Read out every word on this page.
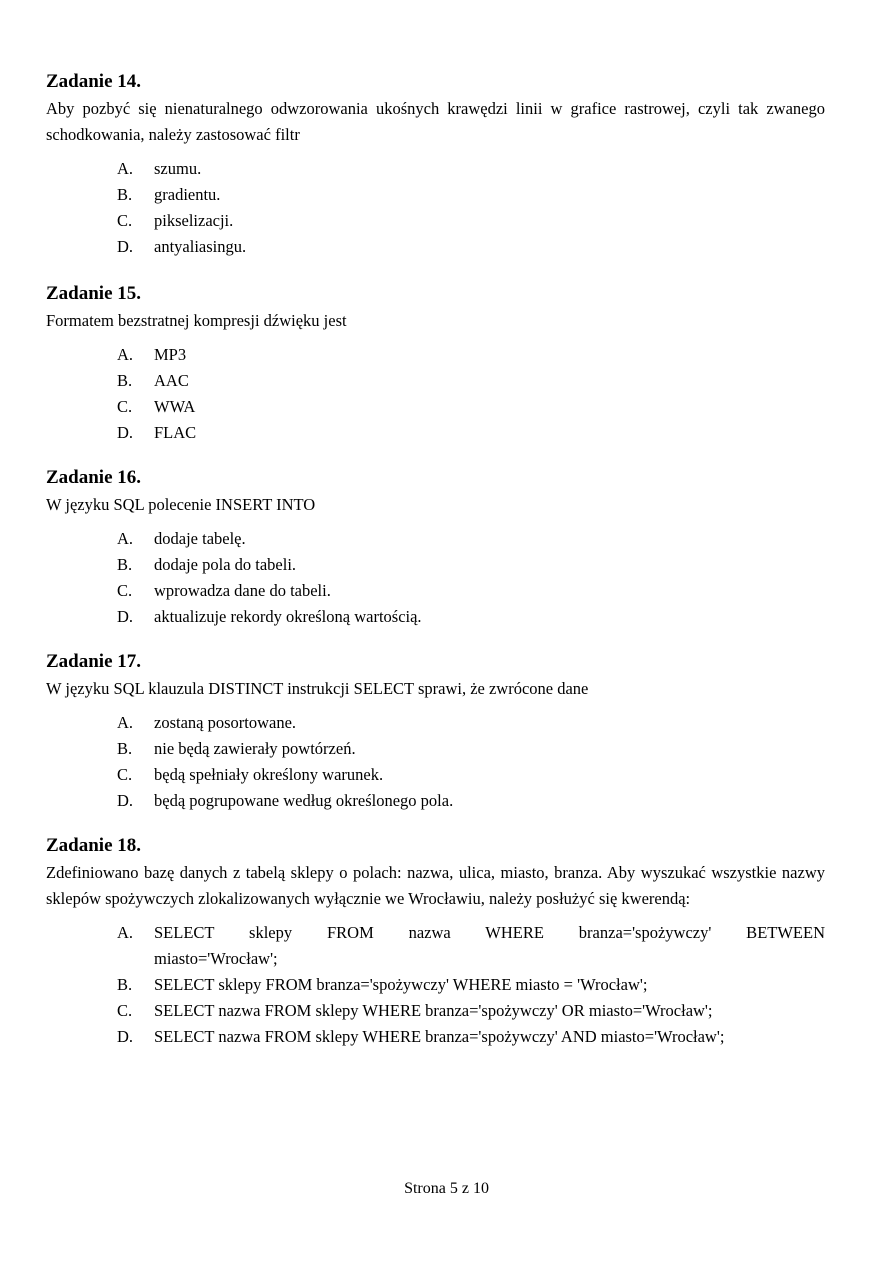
Zadanie 14.

Aby pozbyć się nienaturalnego odwzorowania ukośnych krawędzi linii w grafice rastrowej, czyli tak zwanego schodkowania, należy zastosować filtr

A.	szumu.
B.	gradientu.
C.	pikselizacji.
D.	antyaliasingu.
Zadanie 15.

Formatem bezstratnej kompresji dźwięku jest

A.	MP3
B.	AAC
C.	WWA
D.	FLAC
Zadanie 16.

W języku SQL polecenie INSERT INTO

A.	dodaje tabelę.
B.	dodaje pola do tabeli.
C.	wprowadza dane do tabeli.
D.	aktualizuje rekordy określoną wartością.
Zadanie 17.

W języku SQL klauzula DISTINCT instrukcji SELECT sprawi, że zwrócone dane

A.	zostaną posortowane.
B.	nie będą zawierały powtórzeń.
C.	będą spełniały określony warunek.
D.	będą pogrupowane według określonego pola.
Zadanie 18.

Zdefiniowano bazę danych z tabelą sklepy o polach: nazwa, ulica, miasto, branza. Aby wyszukać wszystkie nazwy sklepów spożywczych zlokalizowanych wyłącznie we Wrocławiu, należy posłużyć się kwerendą:

A.	SELECT sklepy FROM nazwa WHERE branza='spożywczy' BETWEEN
miasto='Wrocław';
B.	SELECT sklepy FROM branza='spożywczy' WHERE miasto = 'Wrocław';
C.	SELECT nazwa FROM sklepy WHERE branza='spożywczy' OR miasto='Wrocław';
D.	SELECT nazwa FROM sklepy WHERE branza='spożywczy' AND miasto='Wrocław';
Strona 5 z 10
